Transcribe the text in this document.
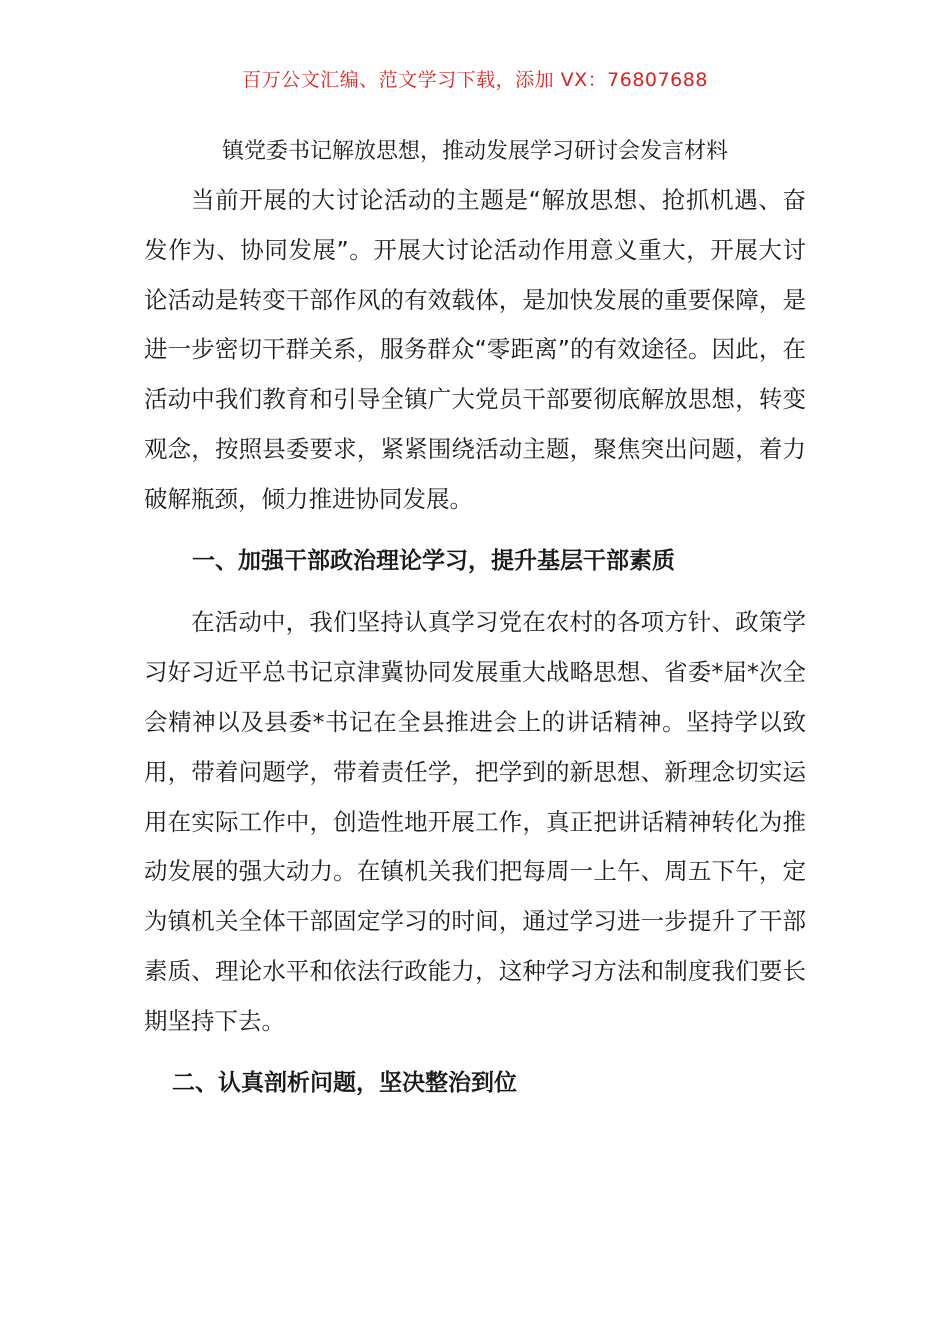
百万公文汇编、范文学习下载，添加 VX：76807688
镇党委书记解放思想，推动发展学习研讨会发言材料

当前开展的大讨论活动的主题是“解放思想、抢抓机遇、奋发作为、协同发展”。开展大讨论活动作用意义重大，开展大讨论活动是转变干部作风的有效载体，是加快发展的重要保障，是进一步密切干群关系，服务群众“零距离”的有效途径。因此，在活动中我们教育和引导全镇广大党员干部要彻底解放思想，转变观念，按照县委要求，紧紧围绕活动主题，聚焦突出问题，着力破解瓶颈，倾力推进协同发展。

一、加强干部政治理论学习，提升基层干部素质

在活动中，我们坚持认真学习党在农村的各项方针、政策学习好习近平总书记京津冀协同发展重大战略思想、省委*届*次全会精神以及县委*书记在全县推进会上的讲话精神。坚持学以致用，带着问题学，带着责任学，把学到的新思想、新理念切实运用在实际工作中，创造性地开展工作，真正把讲话精神转化为推动发展的强大动力。在镇机关我们把每周一上午、周五下午，定为镇机关全体干部固定学习的时间，通过学习进一步提升了干部素质、理论水平和依法行政能力，这种学习方法和制度我们要长期坚持下去。

二、认真剖析问题，坚决整治到位
